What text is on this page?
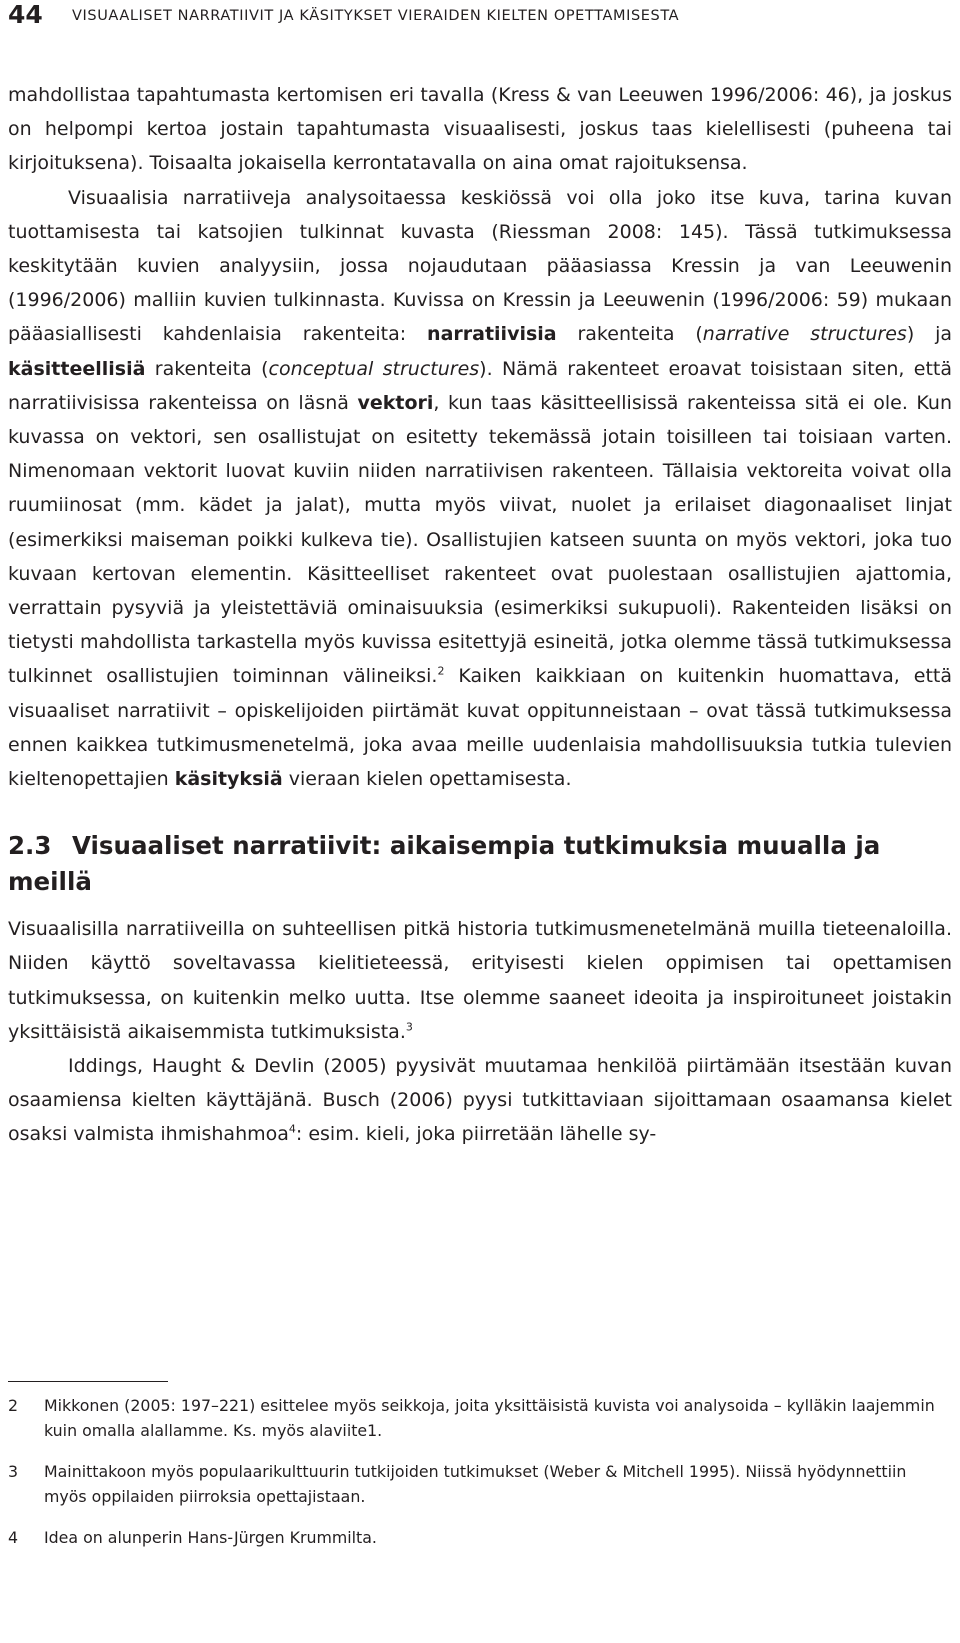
44 VISUAALISET NARRATIIVIT JA KÄSITYKSET VIERAIDEN KIELTEN OPETTAMISESTA

mahdollistaa tapahtumasta kertomisen eri tavalla (Kress & van Leeuwen 1996/2006: 46), ja joskus on helpompi kertoa jostain tapahtumasta visuaalisesti, joskus taas kielellisesti (puheena tai kirjoituksena). Toisaalta jokaisella kerrontatavalla on aina omat rajoituksensa.

Visuaalisia narratiiveja analysoitaessa keskiössä voi olla joko itse kuva, tarina kuvan tuottamisesta tai katsojien tulkinnat kuvasta (Riessman 2008: 145). Tässä tutkimuksessa keskitytään kuvien analyysiin, jossa nojaudutaan pääasiassa Kressin ja van Leeuwenin (1996/2006) malliin kuvien tulkinnasta. Kuvissa on Kressin ja Leeuwenin (1996/2006: 59) mukaan pääasiallisesti kahdenlaisia rakenteita: narratiivisia rakenteita (narrative structures) ja käsitteellisiä rakenteita (conceptual structures). Nämä rakenteet eroavat toisistaan siten, että narratiivisissa rakenteissa on läsnä vektori, kun taas käsitteellisissä rakenteissa sitä ei ole. Kun kuvassa on vektori, sen osallistujat on esitetty tekemässä jotain toisilleen tai toisiaan varten. Nimenomaan vektorit luovat kuviin niiden narratiivisen rakenteen. Tällaisia vektoreita voivat olla ruumiinosat (mm. kädet ja jalat), mutta myös viivat, nuolet ja erilaiset diagonaaliset linjat (esimerkiksi maiseman poikki kulkeva tie). Osallistujien katseen suunta on myös vektori, joka tuo kuvaan kertovan elementin. Käsitteelliset rakenteet ovat puolestaan osallistujien ajattomia, verrattain pysyviä ja yleistettäviä ominaisuuksia (esimerkiksi sukupuoli). Rakenteiden lisäksi on tietysti mahdollista tarkastella myös kuvissa esitettyjä esineitä, jotka olemme tässä tutkimuksessa tulkinnet osallistujien toiminnan välineiksi.$^2$ Kaiken kaikkiaan on kuitenkin huomattava, että visuaaliset narratiivit – opiskelijoiden piirtämät kuvat oppitunneistaan – ovat tässä tutkimuksessa ennen kaikkea tutkimusmenetelmä, joka avaa meille uudenlaisia mahdollisuuksia tutkia tulevien kieltenopettajien käsityksiä vieraan kielen opettamisesta.

2.3 Visuaaliset narratiivit: aikaisempia tutkimuksia muualla ja meillä

Visuaalisilla narratiiveilla on suhteellisen pitkä historia tutkimusmenetelmänä muilla tieteenaloilla. Niiden käyttö soveltavassa kielitieteessä, erityisesti kielen oppimisen tai opettamisen tutkimuksessa, on kuitenkin melko uutta. Itse olemme saaneet ideoita ja inspiroituneet joistakin yksittäisistä aikaisemmista tutkimuksista.$^3$

Iddings, Haught & Devlin (2005) pyysivät muutamaa henkilöä piirtämään itsestään kuvan osaamiensa kielten käyttäjänä. Busch (2006) pyysi tutkittaviaan sijoittamaan osaamansa kielet osaksi valmista ihmishahmoa$^4$: esim. kieli, joka piirretään lähelle sy-

2 Mikkonen (2005: 197–221) esittelee myös seikkoja, joita yksittäisistä kuvista voi analysoida – kylläkin laajemmin kuin omalla alallamme. Ks. myös alaviite1.
3 Mainittakoon myös populaarikulttuurin tutkijoiden tutkimukset (Weber & Mitchell 1995). Niissä hyödynnettiin myös oppilaiden piirroksia opettajistaan.
4 Idea on alunperin Hans-Jürgen Krummilta.
